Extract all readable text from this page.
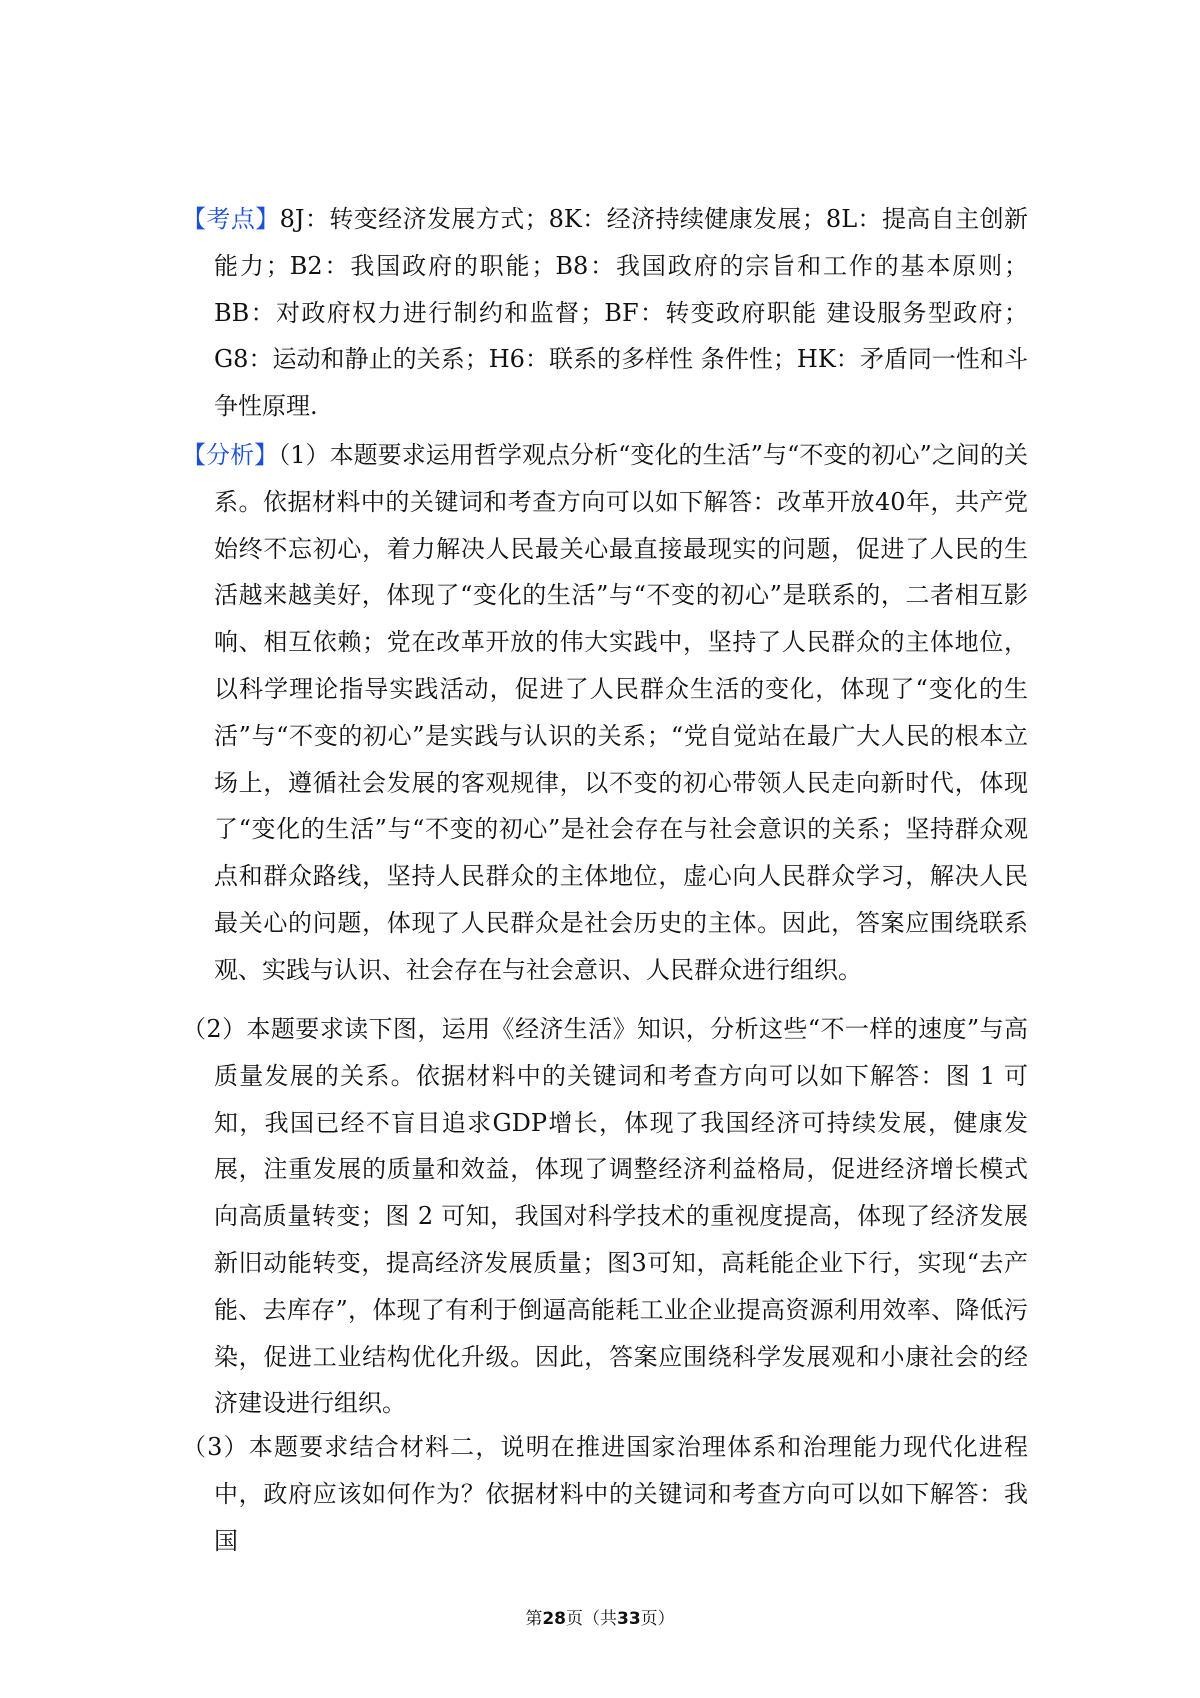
【考点】8J：转变经济发展方式；8K：经济持续健康发展；8L：提高自主创新能力；B2：我国政府的职能；B8：我国政府的宗旨和工作的基本原则；BB：对政府权力进行制约和监督；BF：转变政府职能 建设服务型政府；G8：运动和静止的关系；H6：联系的多样性 条件性；HK：矛盾同一性和斗争性原理.

【分析】（1）本题要求运用哲学观点分析“变化的生活”与“不变的初心”之间的关系。依据材料中的关键词和考查方向可以如下解答：改革开放40年，共产党始终不忘初心，着力解决人民最关心最直接最现实的问题，促进了人民的生活越来越美好，体现了“变化的生活”与“不变的初心”是联系的，二者相互影响、相互依赖；党在改革开放的伟大实践中，坚持了人民群众的主体地位，以科学理论指导实践活动，促进了人民群众生活的变化，体现了“变化的生活”与“不变的初心”是实践与认识的关系；“党自觉站在最广大人民的根本立场上，遵循社会发展的客观规律，以不变的初心带领人民走向新时代，体现了“变化的生活”与“不变的初心”是社会存在与社会意识的关系；坚持群众观点和群众路线，坚持人民群众的主体地位，虚心向人民群众学习，解决人民最关心的问题，体现了人民群众是社会历史的主体。因此，答案应围绕联系观、实践与认识、社会存在与社会意识、人民群众进行组织。

（2）本题要求读下图，运用《经济生活》知识，分析这些“不一样的速度”与高质量发展的关系。依据材料中的关键词和考查方向可以如下解答：图 1 可知，我国已经不盲目追求GDP增长，体现了我国经济可持续发展，健康发展，注重发展的质量和效益，体现了调整经济利益格局，促进经济增长模式向高质量转变；图 2 可知，我国对科学技术的重视度提高，体现了经济发展新旧动能转变，提高经济发展质量；图3可知，高耗能企业下行，实现“去产能、去库存”，体现了有利于倒逼高能耗工业企业提高资源利用效率、降低污染，促进工业结构优化升级。因此，答案应围绕科学发展观和小康社会的经济建设进行组织。

（3）本题要求结合材料二，说明在推进国家治理体系和治理能力现代化进程中，政府应该如何作为？依据材料中的关键词和考查方向可以如下解答：我国

第28页（共33页）
